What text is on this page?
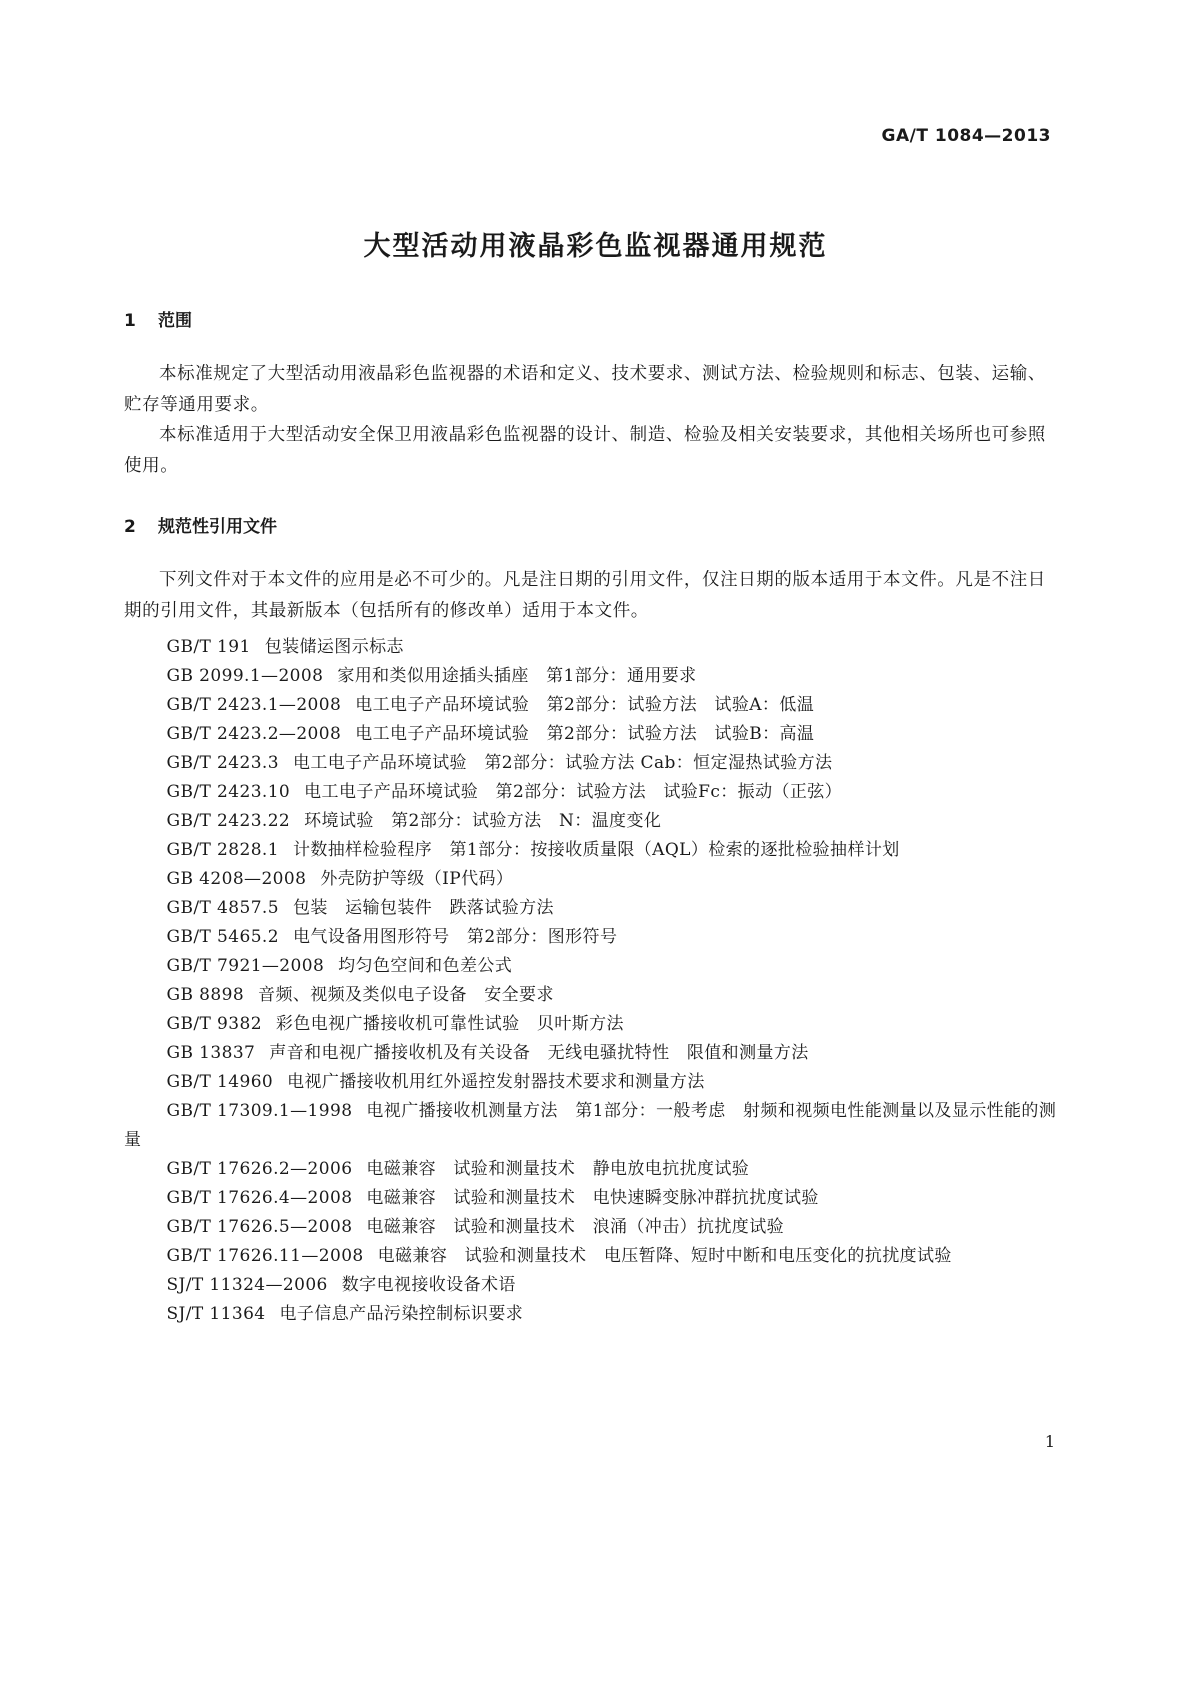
GA/T 1084—2013
大型活动用液晶彩色监视器通用规范
1 范围

本标准规定了大型活动用液晶彩色监视器的术语和定义、技术要求、测试方法、检验规则和标志、包装、运输、贮存等通用要求。

本标准适用于大型活动安全保卫用液晶彩色监视器的设计、制造、检验及相关安装要求，其他相关场所也可参照使用。

2 规范性引用文件

下列文件对于本文件的应用是必不可少的。凡是注日期的引用文件，仅注日期的版本适用于本文件。凡是不注日期的引用文件，其最新版本（包括所有的修改单）适用于本文件。

GB/T 191 包装储运图示标志
GB 2099.1—2008 家用和类似用途插头插座　第1部分：通用要求
GB/T 2423.1—2008 电工电子产品环境试验　第2部分：试验方法　试验A：低温
GB/T 2423.2—2008 电工电子产品环境试验　第2部分：试验方法　试验B：高温
GB/T 2423.3 电工电子产品环境试验　第2部分：试验方法 Cab：恒定湿热试验方法
GB/T 2423.10 电工电子产品环境试验　第2部分：试验方法　试验Fc：振动（正弦）
GB/T 2423.22 环境试验　第2部分：试验方法　N：温度变化
GB/T 2828.1 计数抽样检验程序　第1部分：按接收质量限（AQL）检索的逐批检验抽样计划
GB 4208—2008 外壳防护等级（IP代码）
GB/T 4857.5 包装　运输包装件　跌落试验方法
GB/T 5465.2 电气设备用图形符号　第2部分：图形符号
GB/T 7921—2008 均匀色空间和色差公式
GB 8898 音频、视频及类似电子设备　安全要求
GB/T 9382 彩色电视广播接收机可靠性试验　贝叶斯方法
GB 13837 声音和电视广播接收机及有关设备　无线电骚扰特性　限值和测量方法
GB/T 14960 电视广播接收机用红外遥控发射器技术要求和测量方法
GB/T 17309.1—1998 电视广播接收机测量方法　第1部分：一般考虑　射频和视频电性能测量以及显示性能的测量
GB/T 17626.2—2006 电磁兼容　试验和测量技术　静电放电抗扰度试验
GB/T 17626.4—2008 电磁兼容　试验和测量技术　电快速瞬变脉冲群抗扰度试验
GB/T 17626.5—2008 电磁兼容　试验和测量技术　浪涌（冲击）抗扰度试验
GB/T 17626.11—2008 电磁兼容　试验和测量技术　电压暂降、短时中断和电压变化的抗扰度试验
SJ/T 11324—2006 数字电视接收设备术语
SJ/T 11364 电子信息产品污染控制标识要求
1
